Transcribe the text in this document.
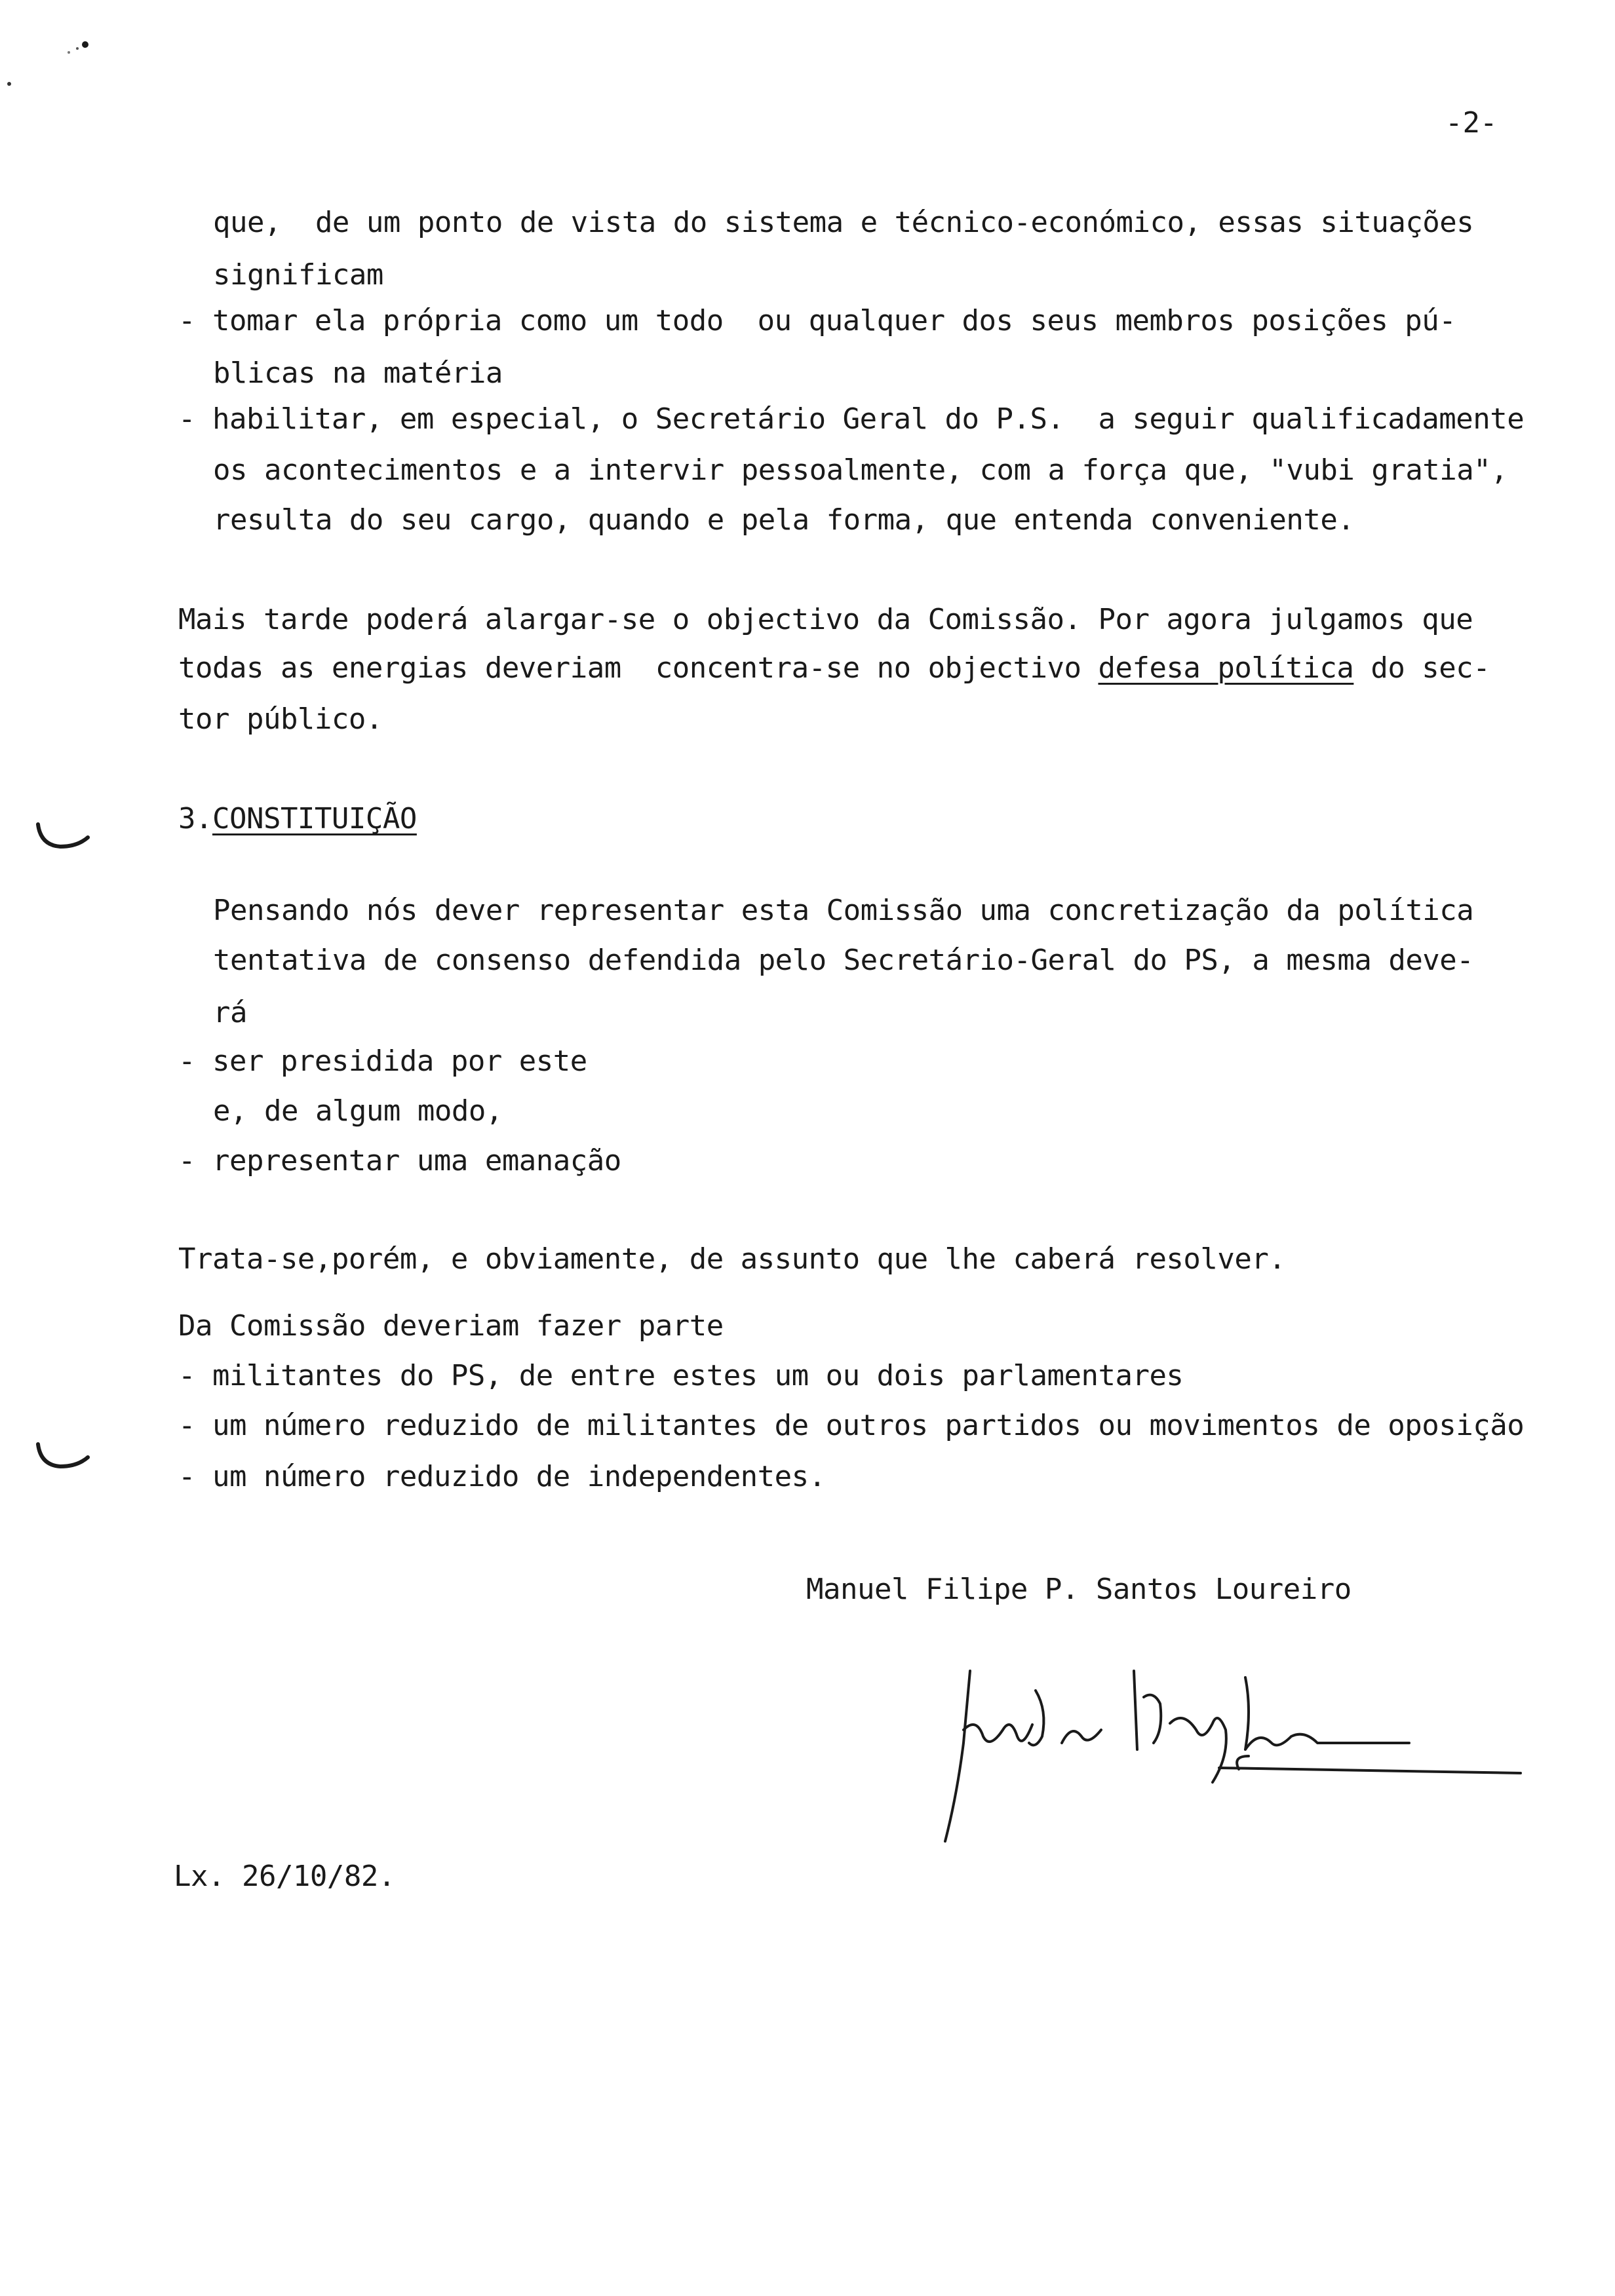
-2-
que,  de um ponto de vista do sistema e técnico-económico, essas situações
significam
- tomar ela própria como um todo  ou qualquer dos seus membros posições pú-
blicas na matéria
- habilitar, em especial, o Secretário Geral do P.S.  a seguir qualificadamente
os acontecimentos e a intervir pessoalmente, com a força que, "vubi gratia",
resulta do seu cargo, quando e pela forma, que entenda conveniente.
Mais tarde poderá alargar-se o objectivo da Comissão. Por agora julgamos que
todas as energias deveriam  concentra-se no objectivo defesa política do sec-
tor público.
3.CONSTITUIÇÃO
Pensando nós dever representar esta Comissão uma concretização da política
tentativa de consenso defendida pelo Secretário-Geral do PS, a mesma deve-
rá
- ser presidida por este
e, de algum modo,
- representar uma emanação
Trata-se,porém, e obviamente, de assunto que lhe caberá resolver.
Da Comissão deveriam fazer parte
- militantes do PS, de entre estes um ou dois parlamentares
- um número reduzido de militantes de outros partidos ou movimentos de oposição
- um número reduzido de independentes.
Manuel Filipe P. Santos Loureiro
Lx. 26/10/82.
